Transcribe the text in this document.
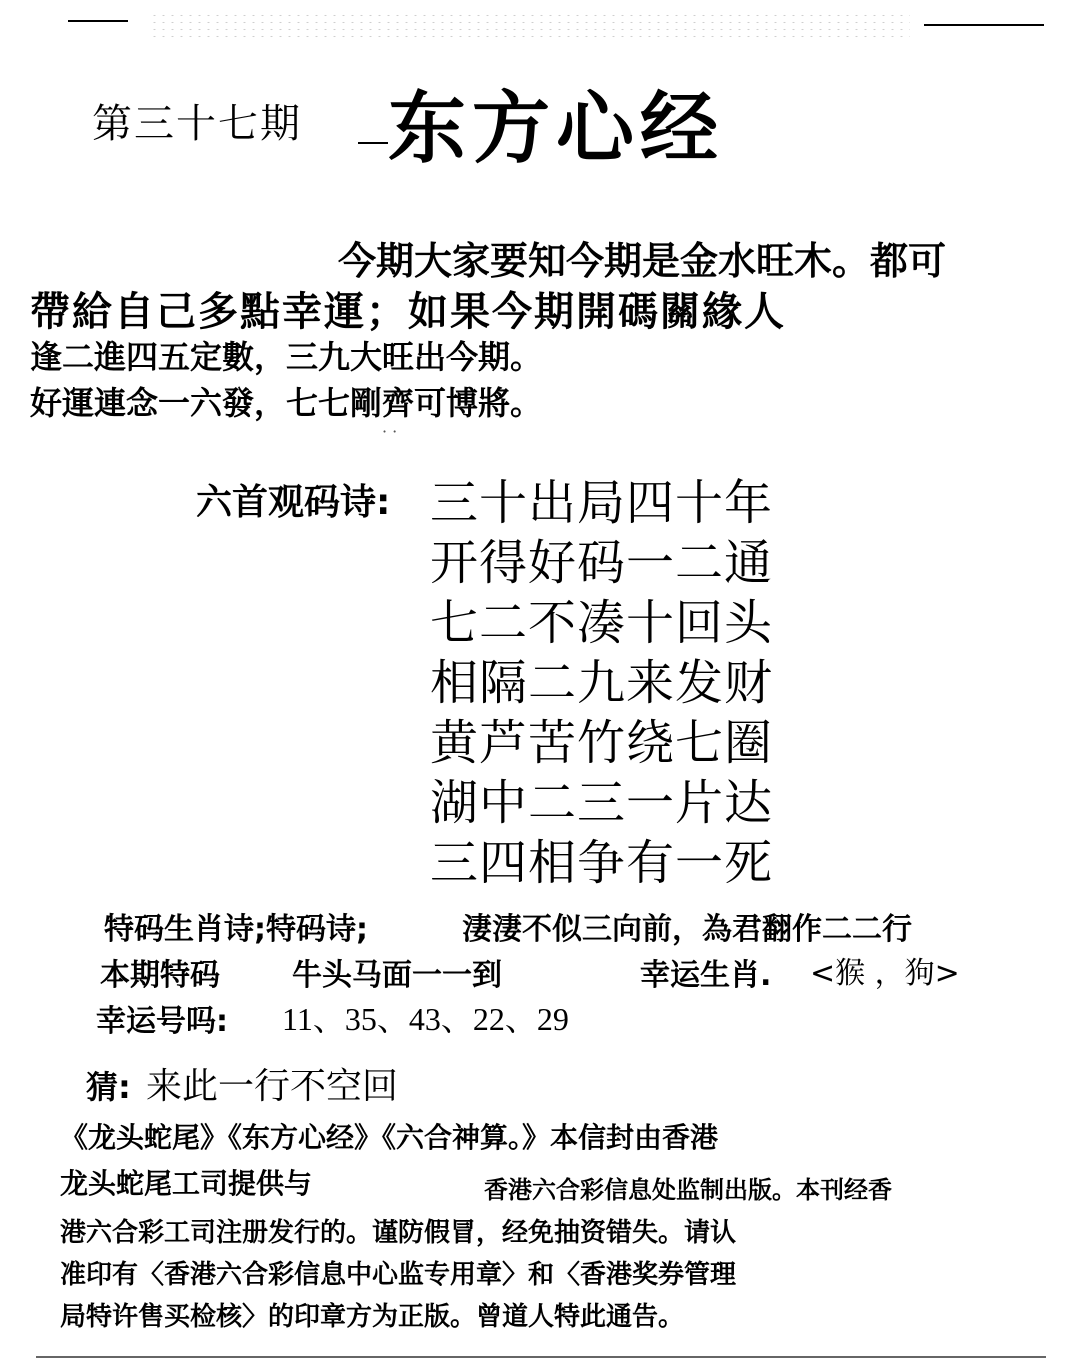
第三十七期 东方心经
今期大家要知今期是金水旺木。都可
帶給自己多點幸運；如果今期開碼關緣人
逢二進四五定數，三九大旺出今期。
好運連念一六發，七七剛齊可博將。
· ·
六首观码诗: 三十出局四十年
开得好码一二通
七二不凑十回头
相隔二九来发财
黄芦苦竹绕七圈
湖中二三一片达
三四相争有一死
特码生肖诗;特码诗;	淒淒不似三向前，為君翻作二二行
本期特码 牛头马面一一到	幸运生肖. <猴 ，狗>
幸运号吗: 11、35、43、22、29
猜: 来此一行不空回
《龙头蛇尾》《东方心经》《六合神算。》本信封由香港
龙头蛇尾工司提供与	香港六合彩信息处监制出版。本刊经香
港六合彩工司注册发行的。谨防假冒，经免抽资错失。请认
准印有〈香港六合彩信息中心监专用章〉和〈香港奖券管理
局特许售买检核〉的印章方为正版。曾道人特此通告。
